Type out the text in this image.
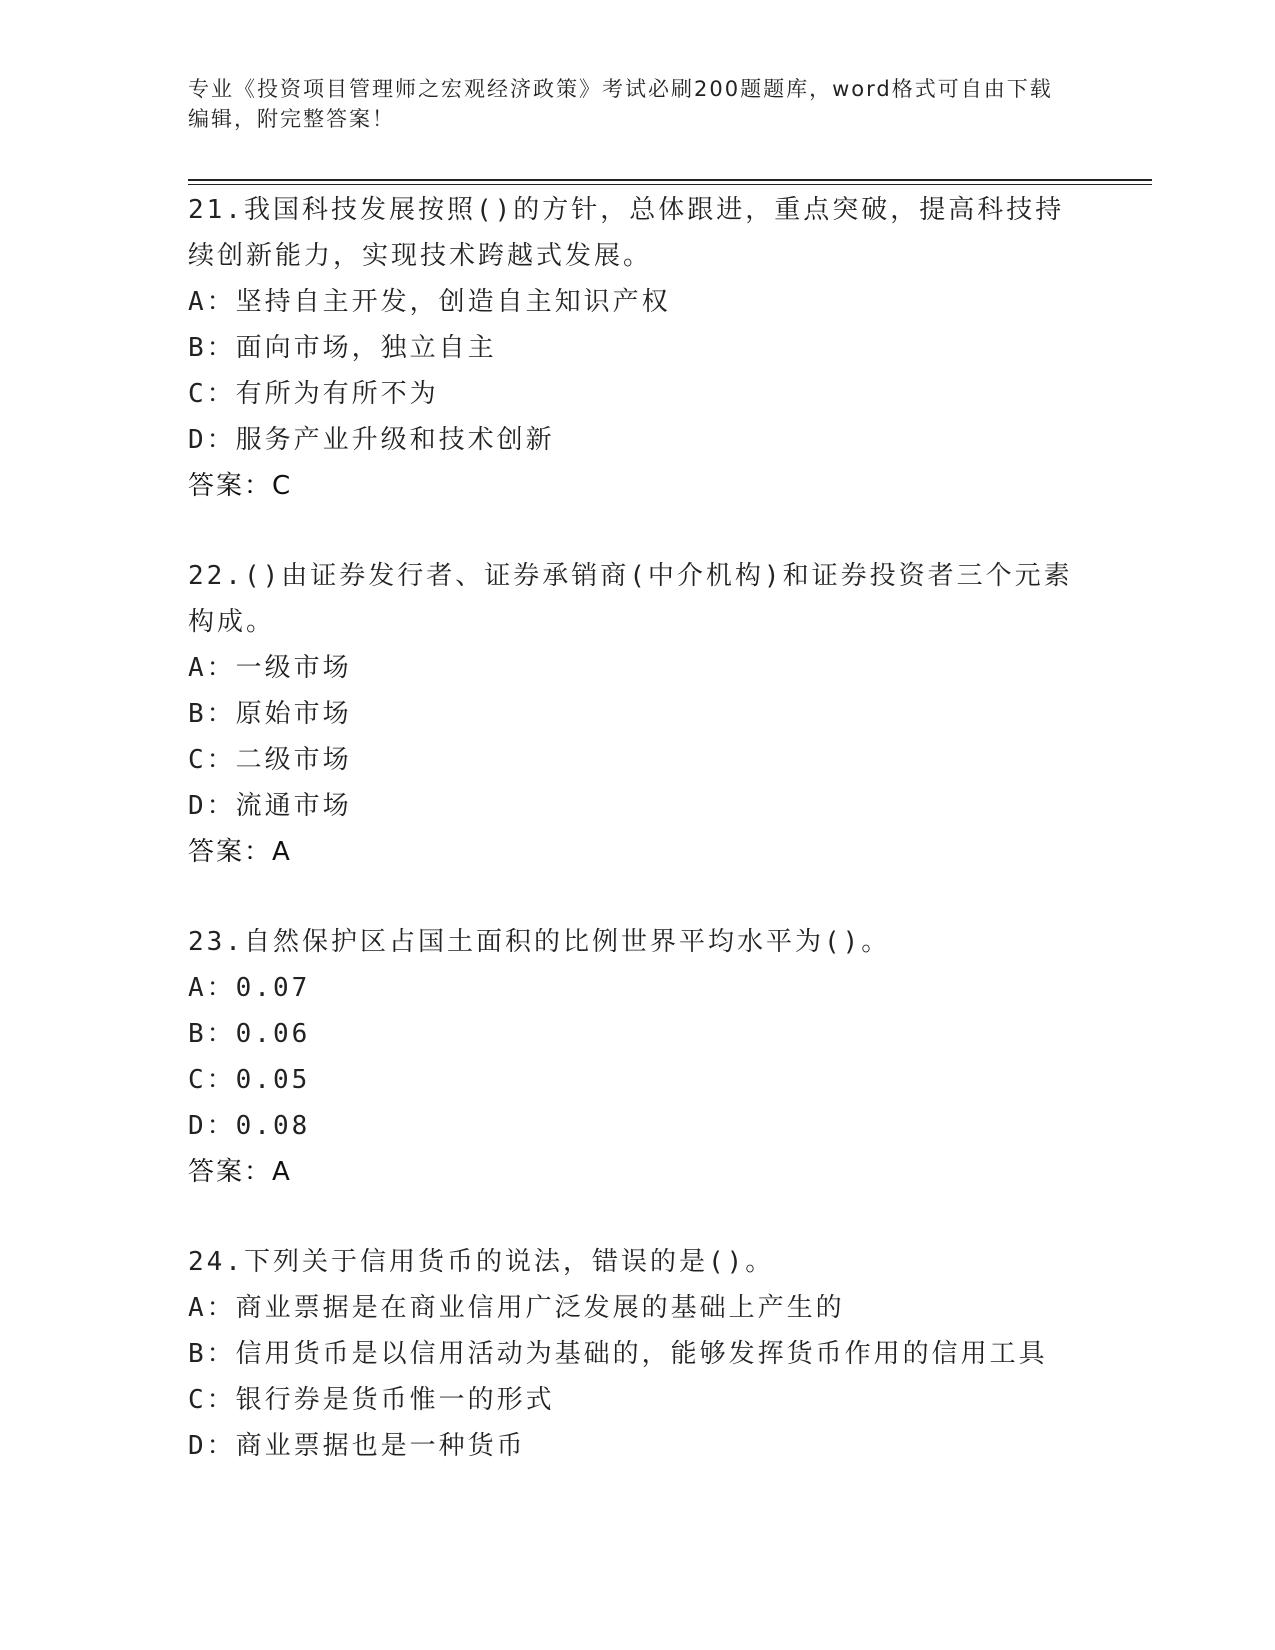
专业《投资项目管理师之宏观经济政策》考试必刷200题题库，word格式可自由下载编辑，附完整答案！

21.我国科技发展按照()的方针，总体跟进，重点突破，提高科技持续创新能力，实现技术跨越式发展。

A：坚持自主开发，创造自主知识产权
B：面向市场，独立自主
C：有所为有所不为
D：服务产业升级和技术创新

答案：C

22.()由证券发行者、证券承销商(中介机构)和证券投资者三个元素构成。

A：一级市场
B：原始市场
C：二级市场
D：流通市场

答案：A

23.自然保护区占国土面积的比例世界平均水平为()。

A：0.07
B：0.06
C：0.05
D：0.08

答案：A

24.下列关于信用货币的说法，错误的是()。

A：商业票据是在商业信用广泛发展的基础上产生的
B：信用货币是以信用活动为基础的，能够发挥货币作用的信用工具
C：银行券是货币惟一的形式
D：商业票据也是一种货币
